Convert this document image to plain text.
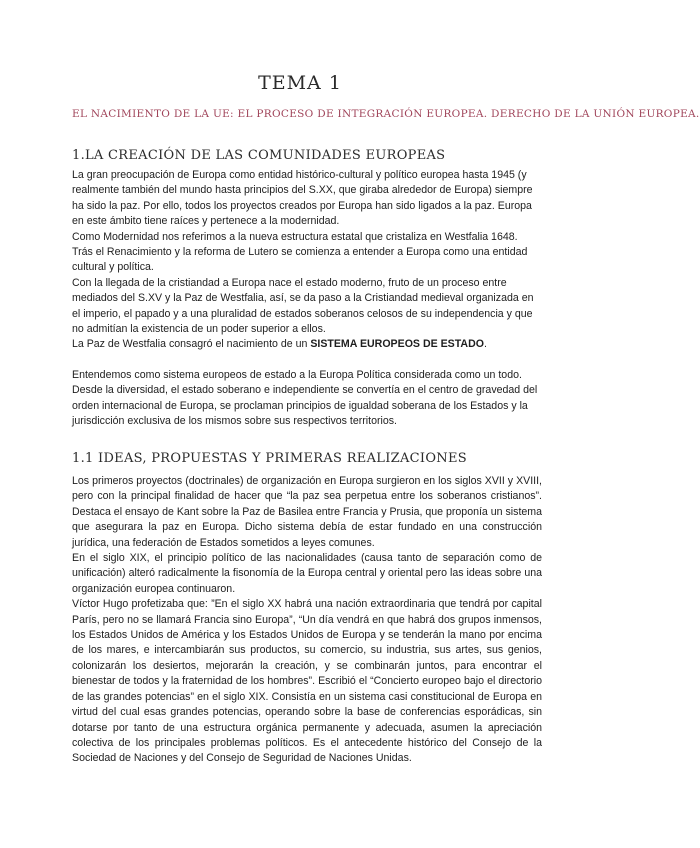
TEMA 1
EL NACIMIENTO DE LA UE: EL PROCESO DE INTEGRACIÓN EUROPEA. DERECHO DE LA UNIÓN EUROPEA.
1.LA CREACIÓN DE LAS COMUNIDADES EUROPEAS

La gran preocupación de Europa como entidad histórico-cultural y político europea hasta 1945 (y realmente también del mundo hasta principios del S.XX, que giraba alrededor de Europa) siempre ha sido la paz. Por ello, todos los proyectos creados por Europa han sido ligados a la paz. Europa en este ámbito tiene raíces y pertenece a la modernidad.

Como Modernidad nos referimos a la nueva estructura estatal que cristaliza en Westfalia 1648.

Trás el Renacimiento y la reforma de Lutero se comienza a entender a Europa como una entidad cultural y política.

Con la llegada de la cristiandad a Europa nace el estado moderno, fruto de un proceso entre mediados del S.XV y la Paz de Westfalia, así, se da paso a la Cristiandad medieval organizada en el imperio, el papado y a una pluralidad de estados soberanos celosos de su independencia y que no admitían la existencia de un poder superior a ellos.

La Paz de Westfalia consagró el nacimiento de un SISTEMA EUROPEOS DE ESTADO.

Entendemos como sistema europeos de estado a la Europa Política considerada como un todo. Desde la diversidad, el estado soberano e independiente se convertía en el centro de gravedad del orden internacional de Europa, se proclaman principios de igualdad soberana de los Estados y la jurisdicción exclusiva de los mismos sobre sus respectivos territorios.

1.1 IDEAS, PROPUESTAS Y PRIMERAS REALIZACIONES

Los primeros proyectos (doctrinales) de organización en Europa surgieron en los siglos XVII y XVIII, pero con la principal finalidad de hacer que “la paz sea perpetua entre los soberanos cristianos”. Destaca el ensayo de Kant sobre la Paz de Basilea entre Francia y Prusia, que proponía un sistema que asegurara la paz en Europa. Dicho sistema debía de estar fundado en una construcción jurídica, una federación de Estados sometidos a leyes comunes.

En el siglo XIX, el principio político de las nacionalidades (causa tanto de separación como de unificación) alteró radicalmente la fisonomía de la Europa central y oriental pero las ideas sobre una organización europea continuaron.

Víctor Hugo profetizaba que: ”En el siglo XX habrá una nación extraordinaria que tendrá por capital París, pero no se llamará Francia sino Europa”, “Un día vendrá en que habrá dos grupos inmensos, los Estados Unidos de América y los Estados Unidos de Europa y se tenderán la mano por encima de los mares, e intercambiarán sus productos, su comercio, su industria, sus artes, sus genios, colonizarán los desiertos, mejorarán la creación, y se combinarán juntos, para encontrar el bienestar de todos y la fraternidad de los hombres”. Escribió el “Concierto europeo bajo el directorio de las grandes potencias” en el siglo XIX. Consistía en un sistema casi constitucional de Europa en virtud del cual esas grandes potencias, operando sobre la base de conferencias esporádicas, sin dotarse por tanto de una estructura orgánica permanente y adecuada, asumen la apreciación colectiva de los principales problemas políticos. Es el antecedente histórico del Consejo de la Sociedad de Naciones y del Consejo de Seguridad de Naciones Unidas.
